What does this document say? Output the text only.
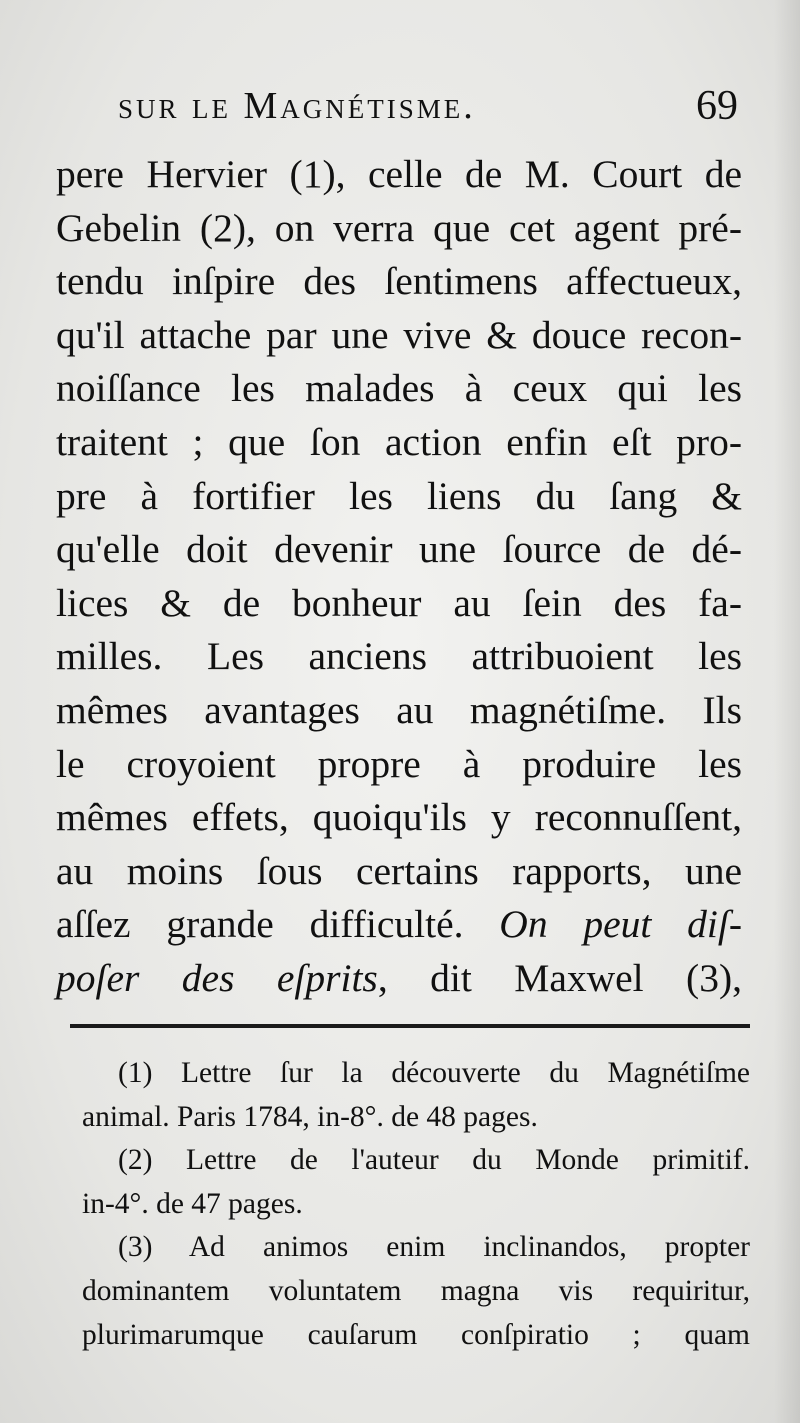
sur le Magnétisme.	69
pere Hervier (1), celle de M. Court de
Gebelin (2), on verra que cet agent pré-
tendu inſpire des ſentimens affectueux,
qu'il attache par une vive & douce recon-
noiſſance les malades à ceux qui les
traitent ; que ſon action enfin eſt pro-
pre à fortifier les liens du ſang &
qu'elle doit devenir une ſource de dé-
lices & de bonheur au ſein des fa-
milles. Les anciens attribuoient les
mêmes avantages au magnétiſme. Ils
le croyoient propre à produire les
mêmes effets, quoiqu'ils y reconnuſſent,
au moins ſous certains rapports, une
aſſez grande difficulté. On peut diſ-
poſer des eſprits, dit Maxwel (3),
(1) Lettre ſur la découverte du Magnétiſme
animal. Paris 1784, in-8°. de 48 pages.
(2) Lettre de l'auteur du Monde primitif.
in-4°. de 47 pages.
(3) Ad animos enim inclinandos, propter
dominantem voluntatem magna vis requiritur,
plurimarumque cauſarum conſpiratio ; quam
